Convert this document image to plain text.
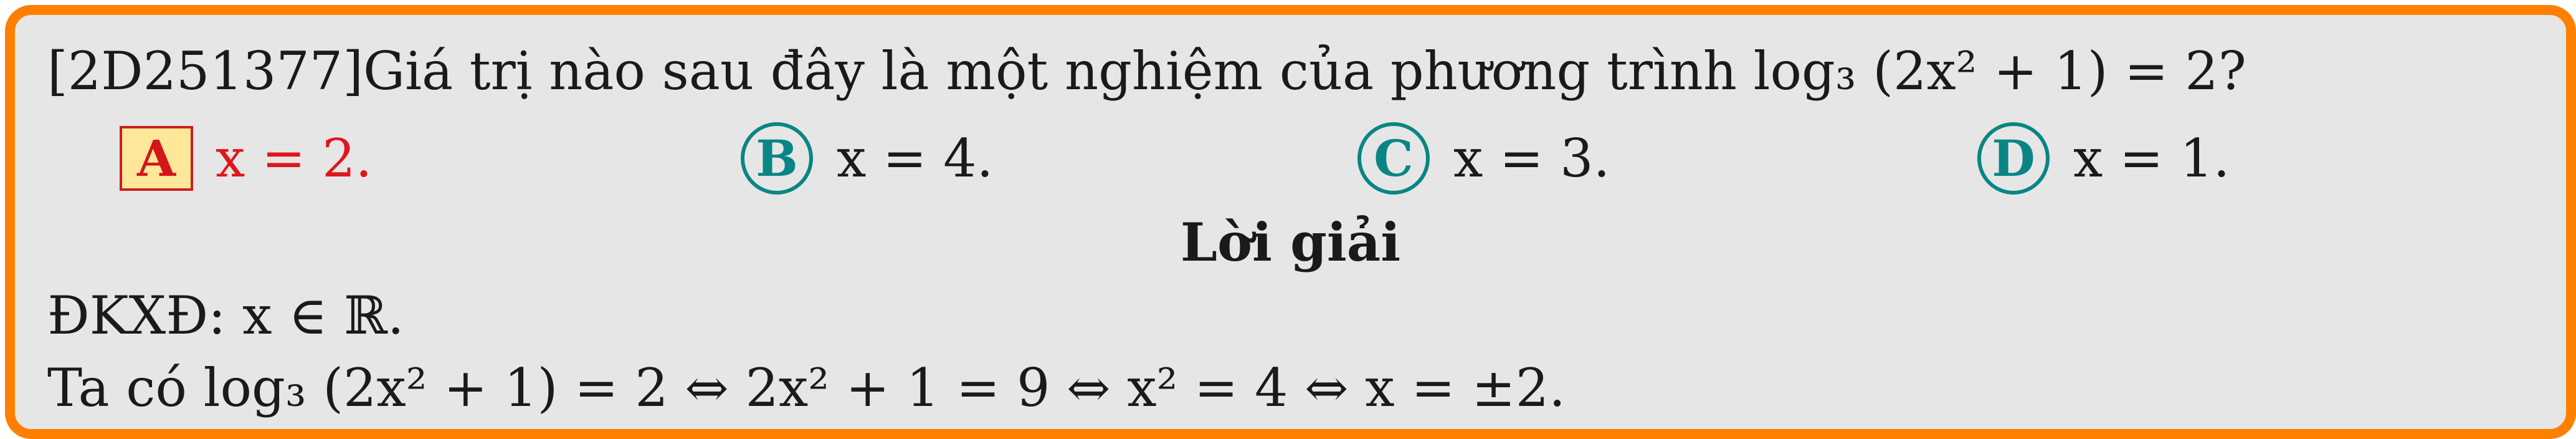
[2D251377]Giá trị nào sau đây là một nghiệm của phương trình log₃ (2x² + 1) = 2?
A x = 2.	B x = 4.	C x = 3.	D x = 1.
Lời giải
ĐKXĐ: x ∈ ℝ.
Ta có log₃ (2x² + 1) = 2 ⇔ 2x² + 1 = 9 ⇔ x² = 4 ⇔ x = ±2.
